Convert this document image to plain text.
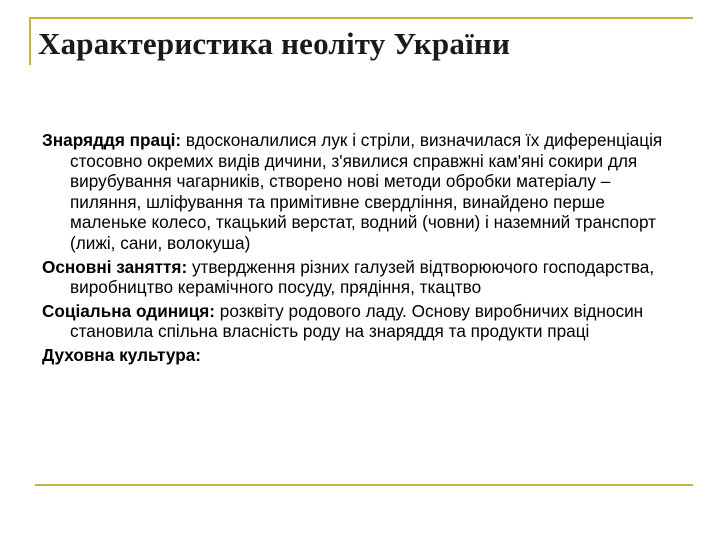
Характеристика неоліту України

Знаряддя праці: вдосконалилися лук і стріли, визначилася їх диференціація стосовно окремих видів дичини, з'явилися справжні кам'яні сокири для вирубування чагарників, створено нові методи обробки матеріалу – пиляння, шліфування та примітивне свердління, винайдено перше маленьке колесо, ткацький верстат, водний (човни) і наземний транспорт (лижі, сани, волокуша)

Основні заняття: утвердження різних галузей відтворюючого господарства, виробництво керамічного посуду, прядіння, ткацтво

Соціальна одиниця: розквіту родового ладу. Основу виробничих відносин становила спільна власність роду на знаряддя та продукти праці

Духовна культура:
